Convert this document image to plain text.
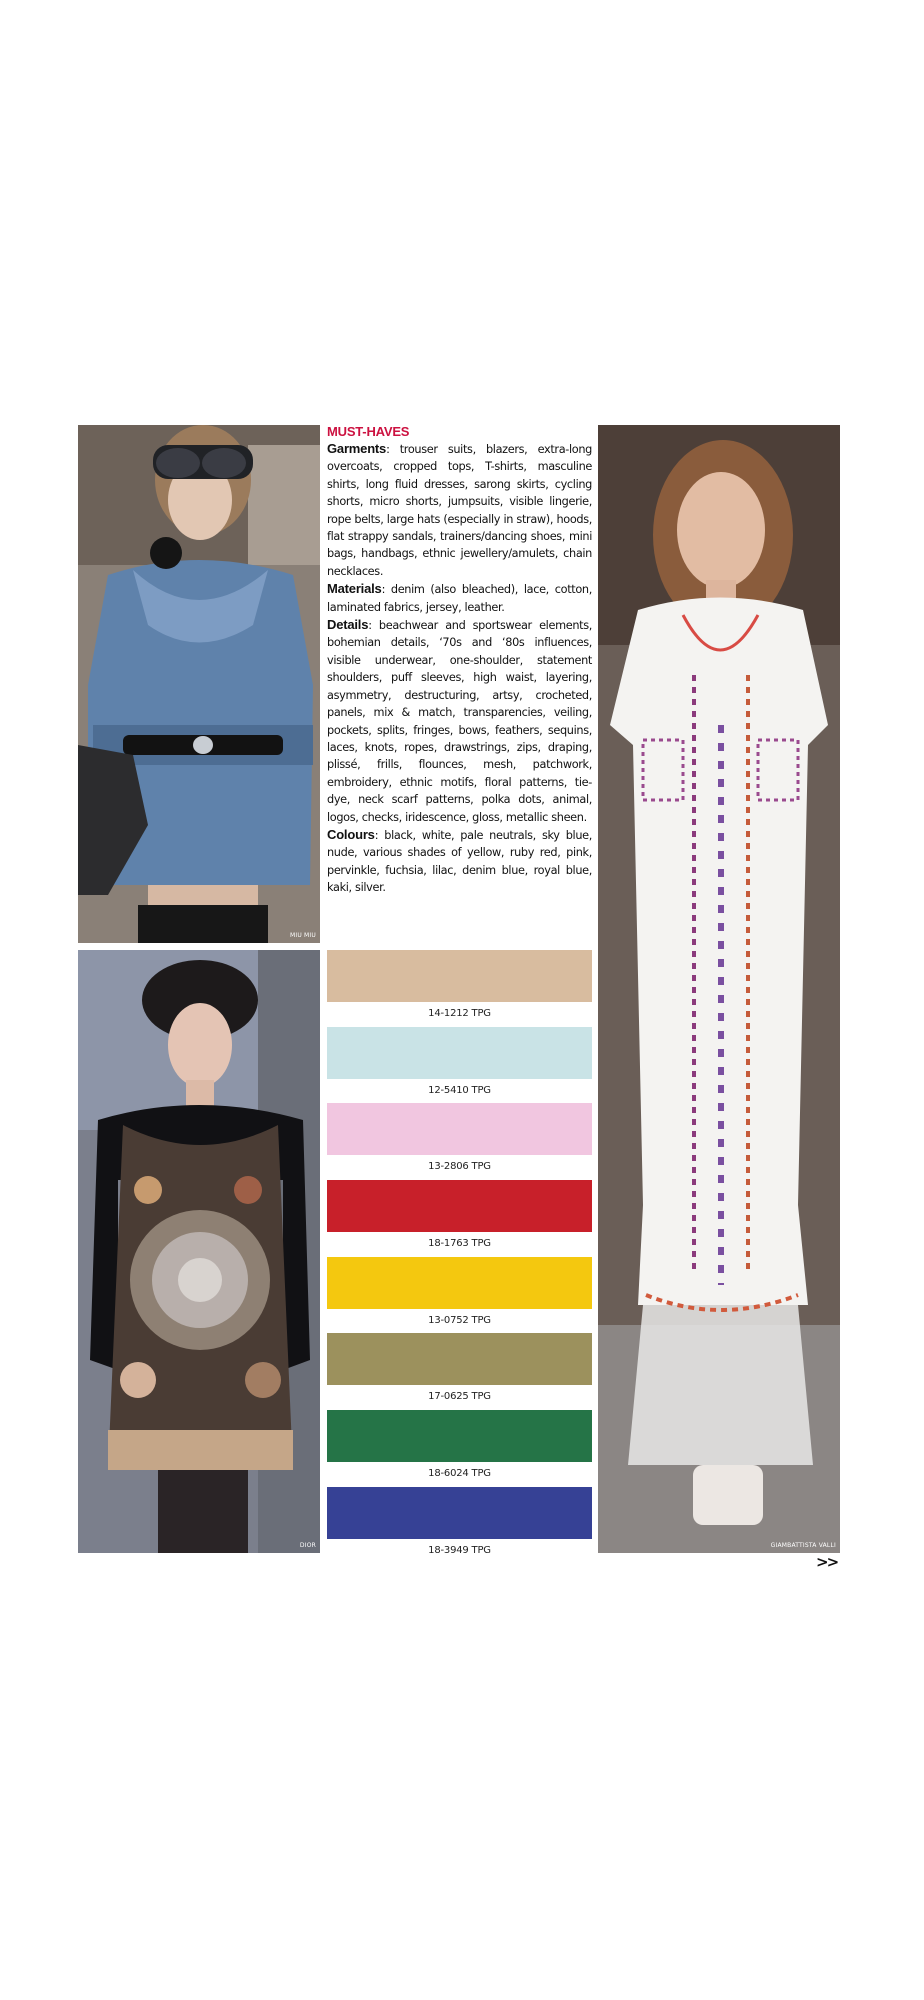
MIU MIU
DIOR	GIAMBATTISTA VALLI
MUST-HAVES

Garments: trouser suits, blazers, extra-long overcoats, cropped tops, T-shirts, masculine shirts, long fluid dresses, sarong skirts, cycling shorts, micro shorts, jumpsuits, visible lingerie, rope belts, large hats (especially in straw), hoods, flat strappy sandals, trainers/dancing shoes, mini bags, handbags, ethnic jewellery/amulets, chain necklaces.

Materials: denim (also bleached), lace, cotton, laminated fabrics, jersey, leather.

Details: beachwear and sportswear elements, bohemian details, ‘70s and ‘80s influences, visible underwear, one-shoulder, statement shoulders, puff sleeves, high waist, layering, asymmetry, destructuring, artsy, crocheted, panels, mix & match, transparencies, veiling, pockets, splits, fringes, bows, feathers, sequins, laces, knots, ropes, drawstrings, zips, draping, plissé, frills, flounces, mesh, patchwork, embroidery, ethnic motifs, floral patterns, tie-dye, neck scarf patterns, polka dots, animal, logos, checks, iridescence, gloss, metallic sheen.

Colours: black, white, pale neutrals, sky blue, nude, various shades of yellow, ruby red, pink, pervinkle, fuchsia, lilac, denim blue, royal blue, kaki, silver.

14-1212 TPG
12-5410 TPG
13-2806 TPG
18-1763 TPG
13-0752 TPG
17-0625 TPG
18-6024 TPG
18-3949 TPG
>>
